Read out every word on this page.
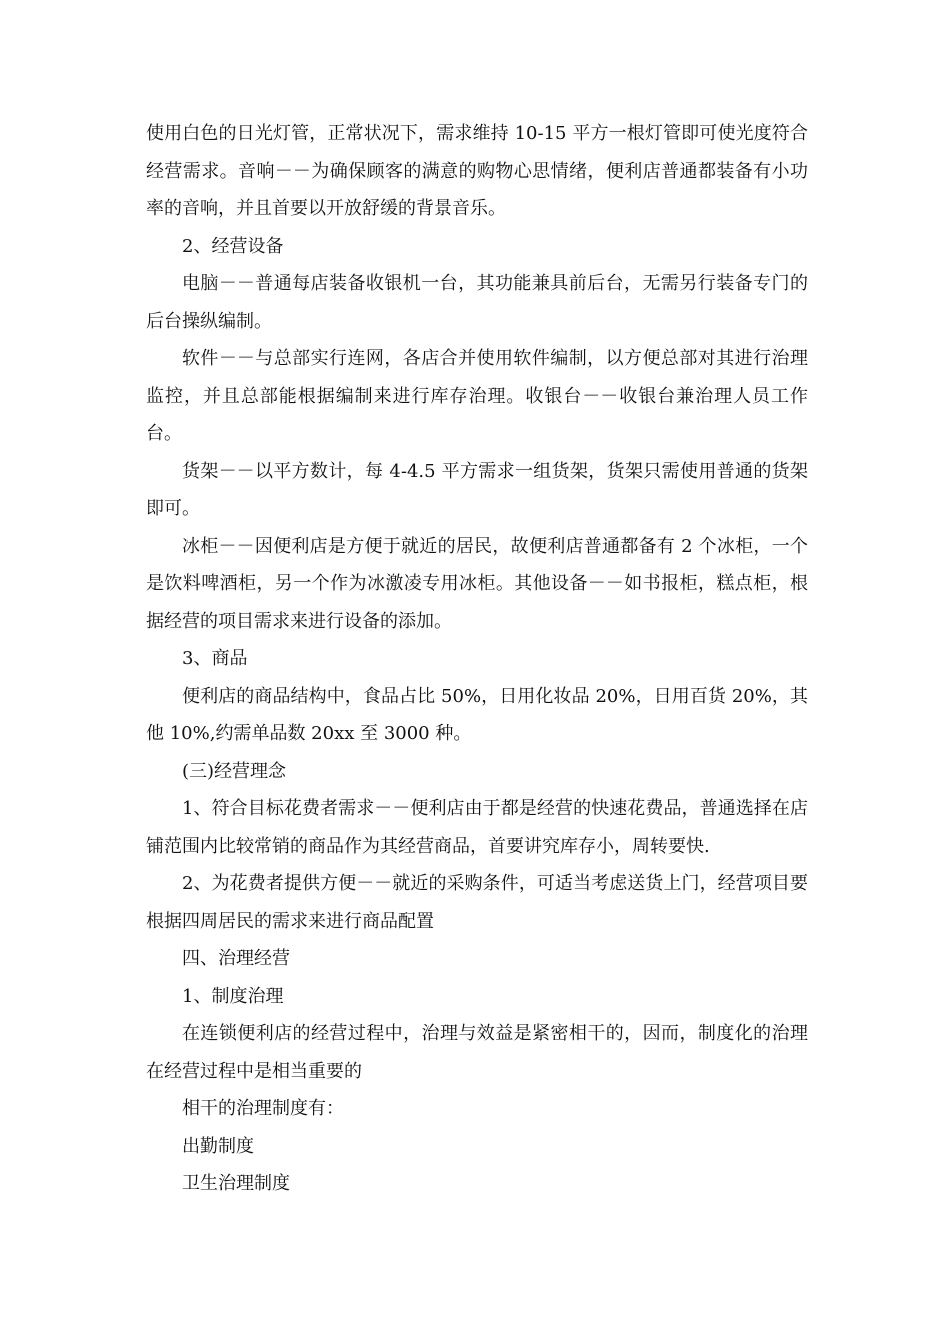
使用白色的日光灯管，正常状况下，需求维持 10-15 平方一根灯管即可使光度符合经营需求。音响－－为确保顾客的满意的购物心思情绪，便利店普通都装备有小功率的音响，并且首要以开放舒缓的背景音乐。

2、经营设备

电脑－－普通每店装备收银机一台，其功能兼具前后台，无需另行装备专门的后台操纵编制。

软件－－与总部实行连网，各店合并使用软件编制，以方便总部对其进行治理监控，并且总部能根据编制来进行库存治理。收银台－－收银台兼治理人员工作台。

货架－－以平方数计，每 4-4.5 平方需求一组货架，货架只需使用普通的货架即可。

冰柜－－因便利店是方便于就近的居民，故便利店普通都备有 2 个冰柜，一个是饮料啤酒柜，另一个作为冰激凌专用冰柜。其他设备－－如书报柜，糕点柜，根据经营的项目需求来进行设备的添加。

3、商品

便利店的商品结构中，食品占比 50%，日用化妆品 20%，日用百货 20%，其他 10%,约需单品数 20xx 至 3000 种。

(三)经营理念

1、符合目标花费者需求－－便利店由于都是经营的快速花费品，普通选择在店铺范围内比较常销的商品作为其经营商品，首要讲究库存小，周转要快.

2、为花费者提供方便－－就近的采购条件，可适当考虑送货上门，经营项目要根据四周居民的需求来进行商品配置

四、治理经营

1、制度治理

在连锁便利店的经营过程中，治理与效益是紧密相干的，因而，制度化的治理在经营过程中是相当重要的

相干的治理制度有：

出勤制度

卫生治理制度
